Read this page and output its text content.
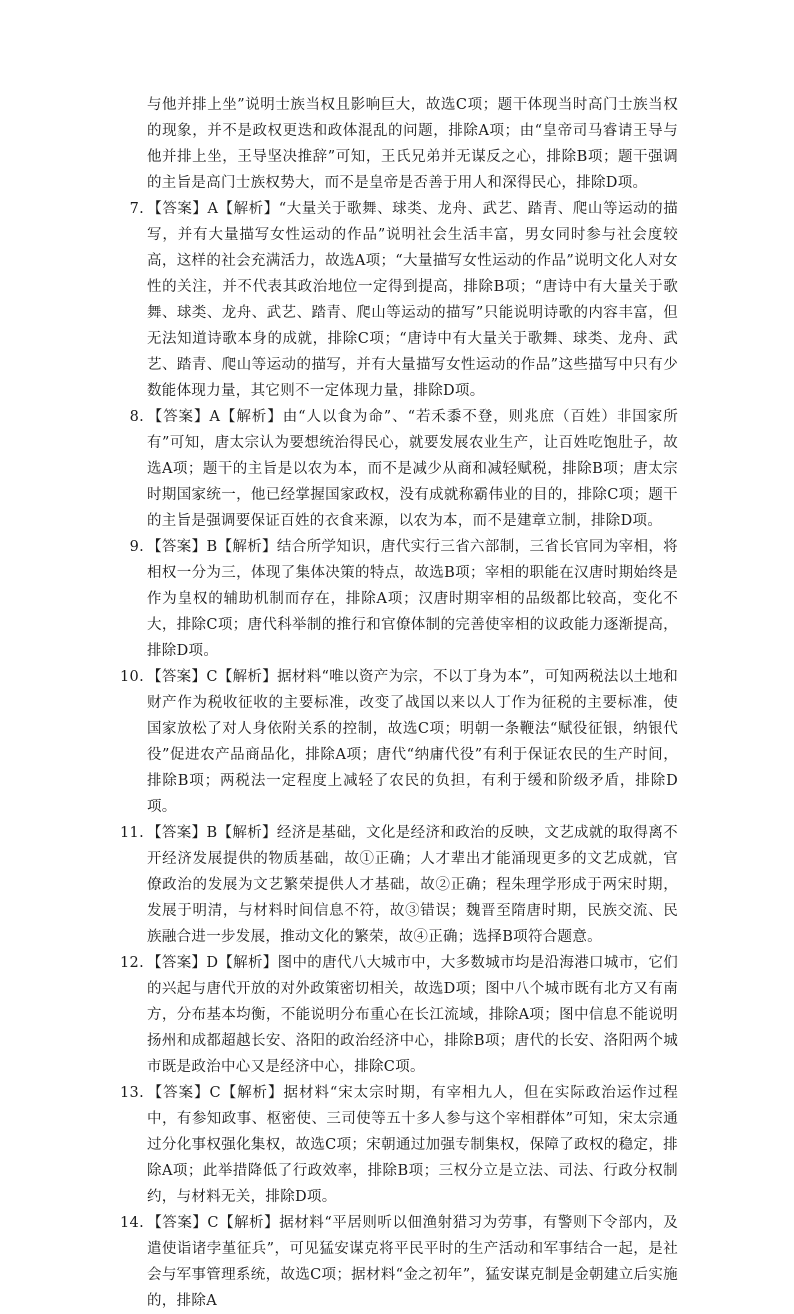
与他并排上坐”说明士族当权且影响巨大，故选C项；题干体现当时高门士族当权的现象，并不是政权更迭和政体混乱的问题，排除A项；由“皇帝司马睿请王导与他并排上坐，王导坚决推辞”可知，王氏兄弟并无谋反之心，排除B项；题干强调的主旨是高门士族权势大，而不是皇帝是否善于用人和深得民心，排除D项。

7. 【答案】A【解析】“大量关于歌舞、球类、龙舟、武艺、踏青、爬山等运动的描写，并有大量描写女性运动的作品”说明社会生活丰富，男女同时参与社会度较高，这样的社会充满活力，故选A项；“大量描写女性运动的作品”说明文化人对女性的关注，并不代表其政治地位一定得到提高，排除B项；“唐诗中有大量关于歌舞、球类、龙舟、武艺、踏青、爬山等运动的描写”只能说明诗歌的内容丰富，但无法知道诗歌本身的成就，排除C项；“唐诗中有大量关于歌舞、球类、龙舟、武艺、踏青、爬山等运动的描写，并有大量描写女性运动的作品”这些描写中只有少数能体现力量，其它则不一定体现力量，排除D项。

8. 【答案】A【解析】由“人以食为命”、“若禾黍不登，则兆庶（百姓）非国家所有”可知，唐太宗认为要想统治得民心，就要发展农业生产，让百姓吃饱肚子，故选A项；题干的主旨是以农为本，而不是减少从商和减轻赋税，排除B项；唐太宗时期国家统一，他已经掌握国家政权，没有成就称霸伟业的目的，排除C项；题干的主旨是强调要保证百姓的衣食来源，以农为本，而不是建章立制，排除D项。

9. 【答案】B【解析】结合所学知识，唐代实行三省六部制，三省长官同为宰相，将相权一分为三，体现了集体决策的特点，故选B项；宰相的职能在汉唐时期始终是作为皇权的辅助机制而存在，排除A项；汉唐时期宰相的品级都比较高，变化不大，排除C项；唐代科举制的推行和官僚体制的完善使宰相的议政能力逐渐提高，排除D项。

10. 【答案】C【解析】据材料“唯以资产为宗，不以丁身为本”，可知两税法以土地和财产作为税收征收的主要标准，改变了战国以来以人丁作为征税的主要标准，使国家放松了对人身依附关系的控制，故选C项；明朝一条鞭法“赋役征银，纳银代役”促进农产品商品化，排除A项；唐代“纳庸代役”有利于保证农民的生产时间，排除B项；两税法一定程度上减轻了农民的负担，有利于缓和阶级矛盾，排除D项。

11. 【答案】B【解析】经济是基础，文化是经济和政治的反映，文艺成就的取得离不开经济发展提供的物质基础，故①正确；人才辈出才能涌现更多的文艺成就，官僚政治的发展为文艺繁荣提供人才基础，故②正确；程朱理学形成于两宋时期，发展于明清，与材料时间信息不符，故③错误；魏晋至隋唐时期，民族交流、民族融合进一步发展，推动文化的繁荣，故④正确；选择B项符合题意。

12. 【答案】D【解析】图中的唐代八大城市中，大多数城市均是沿海港口城市，它们的兴起与唐代开放的对外政策密切相关，故选D项；图中八个城市既有北方又有南方，分布基本均衡，不能说明分布重心在长江流域，排除A项；图中信息不能说明扬州和成都超越长安、洛阳的政治经济中心，排除B项；唐代的长安、洛阳两个城市既是政治中心又是经济中心，排除C项。

13. 【答案】C【解析】据材料“宋太宗时期，有宰相九人，但在实际政治运作过程中，有参知政事、枢密使、三司使等五十多人参与这个宰相群体”可知，宋太宗通过分化事权强化集权，故选C项；宋朝通过加强专制集权，保障了政权的稳定，排除A项；此举措降低了行政效率，排除B项；三权分立是立法、司法、行政分权制约，与材料无关，排除D项。

14. 【答案】C【解析】据材料“平居则听以佃渔射猎习为劳事，有警则下令部内，及遣使诣诸孛堇征兵”，可见猛安谋克将平民平时的生产活动和军事结合一起，是社会与军事管理系统，故选C项；据材料“金之初年”，猛安谋克制是金朝建立后实施的，排除A
